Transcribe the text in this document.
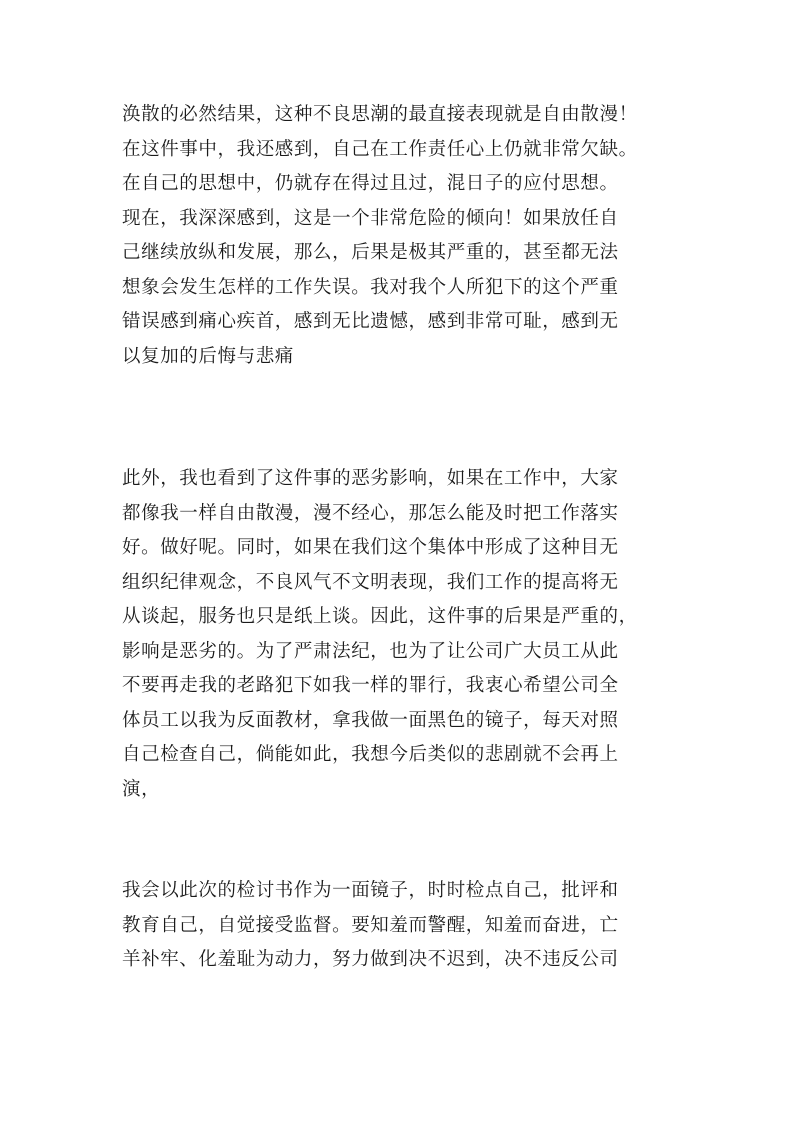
涣散的必然结果，这种不良思潮的最直接表现就是自由散漫！
在这件事中，我还感到，自己在工作责任心上仍就非常欠缺。
在自己的思想中，仍就存在得过且过，混日子的应付思想。
现在，我深深感到，这是一个非常危险的倾向！如果放任自
己继续放纵和发展，那么，后果是极其严重的，甚至都无法
想象会发生怎样的工作失误。我对我个人所犯下的这个严重
错误感到痛心疾首，感到无比遗憾，感到非常可耻，感到无
以复加的后悔与悲痛
此外，我也看到了这件事的恶劣影响，如果在工作中，大家
都像我一样自由散漫，漫不经心，那怎么能及时把工作落实
好。做好呢。同时，如果在我们这个集体中形成了这种目无
组织纪律观念，不良风气不文明表现，我们工作的提高将无
从谈起，服务也只是纸上谈。因此，这件事的后果是严重的，
影响是恶劣的。为了严肃法纪，也为了让公司广大员工从此
不要再走我的老路犯下如我一样的罪行，我衷心希望公司全
体员工以我为反面教材，拿我做一面黑色的镜子，每天对照
自己检查自己，倘能如此，我想今后类似的悲剧就不会再上
演，
我会以此次的检讨书作为一面镜子，时时检点自己，批评和
教育自己，自觉接受监督。要知羞而警醒，知羞而奋进，亡
羊补牢、化羞耻为动力，努力做到决不迟到，决不违反公司
